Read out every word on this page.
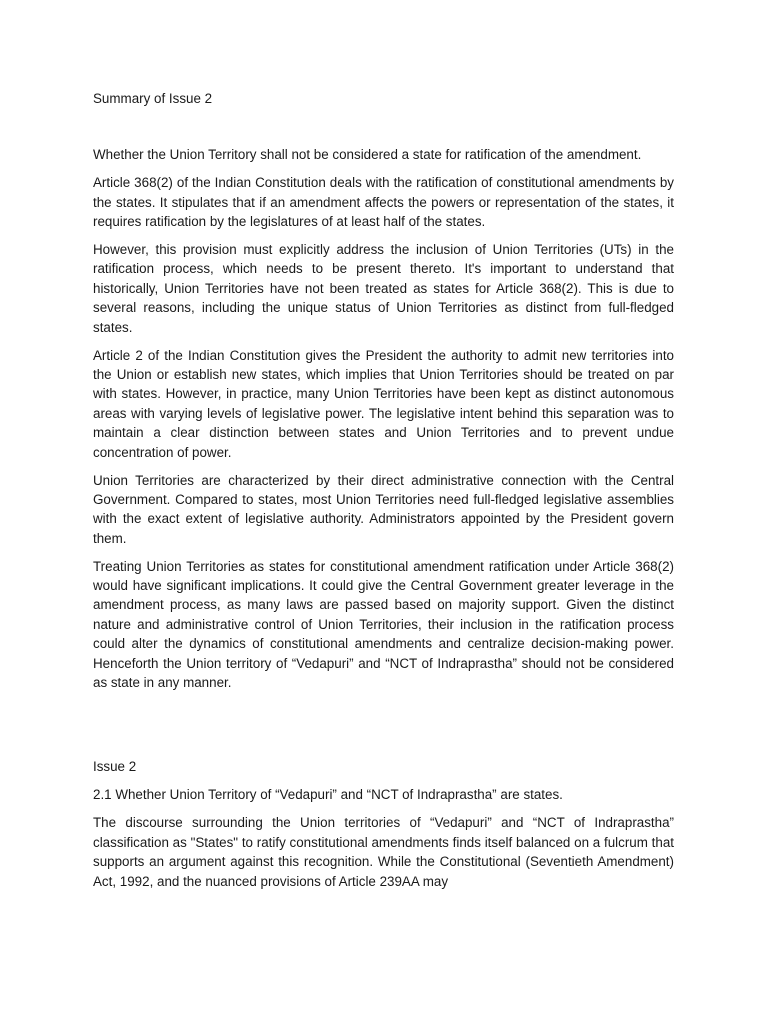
Summary of Issue 2

Whether the Union Territory shall not be considered a state for ratification of the amendment.

Article 368(2) of the Indian Constitution deals with the ratification of constitutional amendments by the states. It stipulates that if an amendment affects the powers or representation of the states, it requires ratification by the legislatures of at least half of the states.

However, this provision must explicitly address the inclusion of Union Territories (UTs) in the ratification process, which needs to be present thereto. It's important to understand that historically, Union Territories have not been treated as states for Article 368(2). This is due to several reasons, including the unique status of Union Territories as distinct from full-fledged states.

Article 2 of the Indian Constitution gives the President the authority to admit new territories into the Union or establish new states, which implies that Union Territories should be treated on par with states. However, in practice, many Union Territories have been kept as distinct autonomous areas with varying levels of legislative power. The legislative intent behind this separation was to maintain a clear distinction between states and Union Territories and to prevent undue concentration of power.

Union Territories are characterized by their direct administrative connection with the Central Government. Compared to states, most Union Territories need full-fledged legislative assemblies with the exact extent of legislative authority. Administrators appointed by the President govern them.

Treating Union Territories as states for constitutional amendment ratification under Article 368(2) would have significant implications. It could give the Central Government greater leverage in the amendment process, as many laws are passed based on majority support. Given the distinct nature and administrative control of Union Territories, their inclusion in the ratification process could alter the dynamics of constitutional amendments and centralize decision-making power. Henceforth the Union territory of “Vedapuri” and “NCT of Indraprastha” should not be considered as state in any manner.

Issue 2

2.1 Whether Union Territory of “Vedapuri” and “NCT of Indraprastha” are states.

The discourse surrounding the Union territories of “Vedapuri” and “NCT of Indraprastha” classification as "States" to ratify constitutional amendments finds itself balanced on a fulcrum that supports an argument against this recognition. While the Constitutional (Seventieth Amendment) Act, 1992, and the nuanced provisions of Article 239AA may
